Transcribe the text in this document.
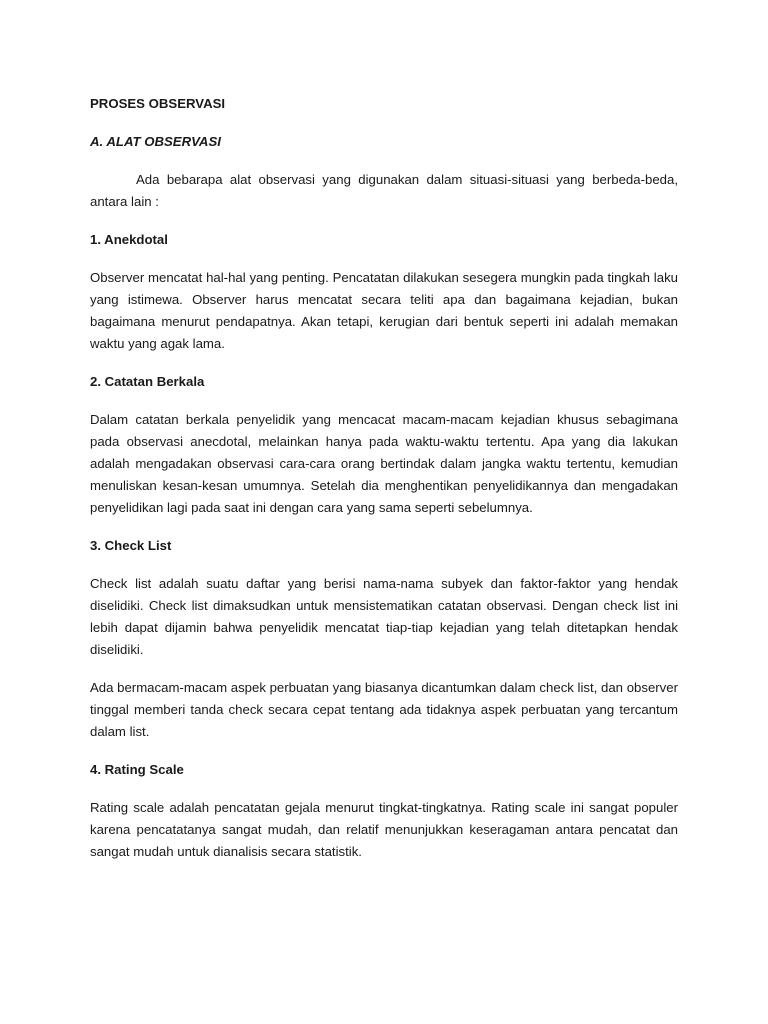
PROSES OBSERVASI

A. ALAT OBSERVASI

Ada bebarapa alat observasi yang digunakan dalam situasi-situasi yang berbeda-beda, antara lain :

1. Anekdotal

Observer mencatat hal-hal yang penting. Pencatatan dilakukan sesegera mungkin pada tingkah laku yang istimewa. Observer harus mencatat secara teliti apa dan bagaimana kejadian, bukan bagaimana menurut pendapatnya. Akan tetapi, kerugian dari bentuk seperti ini adalah memakan waktu yang agak lama.

2. Catatan Berkala

Dalam catatan berkala penyelidik yang mencacat macam-macam kejadian khusus sebagimana pada observasi anecdotal, melainkan hanya pada waktu-waktu tertentu. Apa yang dia lakukan adalah mengadakan observasi cara-cara orang bertindak dalam jangka waktu tertentu, kemudian menuliskan kesan-kesan umumnya. Setelah dia menghentikan penyelidikannya dan mengadakan penyelidikan lagi pada saat ini dengan cara yang sama seperti sebelumnya.

3. Check List

Check list adalah suatu daftar yang berisi nama-nama subyek dan faktor-faktor yang hendak diselidiki. Check list dimaksudkan untuk mensistematikan catatan observasi. Dengan check list ini lebih dapat dijamin bahwa penyelidik mencatat tiap-tiap kejadian yang telah ditetapkan hendak diselidiki.

Ada bermacam-macam aspek perbuatan yang biasanya dicantumkan dalam check list, dan observer tinggal memberi tanda check secara cepat tentang ada tidaknya aspek perbuatan yang tercantum dalam list.

4. Rating Scale

Rating scale adalah pencatatan gejala menurut tingkat-tingkatnya. Rating scale ini sangat populer karena pencatatanya sangat mudah, dan relatif menunjukkan keseragaman antara pencatat dan sangat mudah untuk dianalisis secara statistik.
